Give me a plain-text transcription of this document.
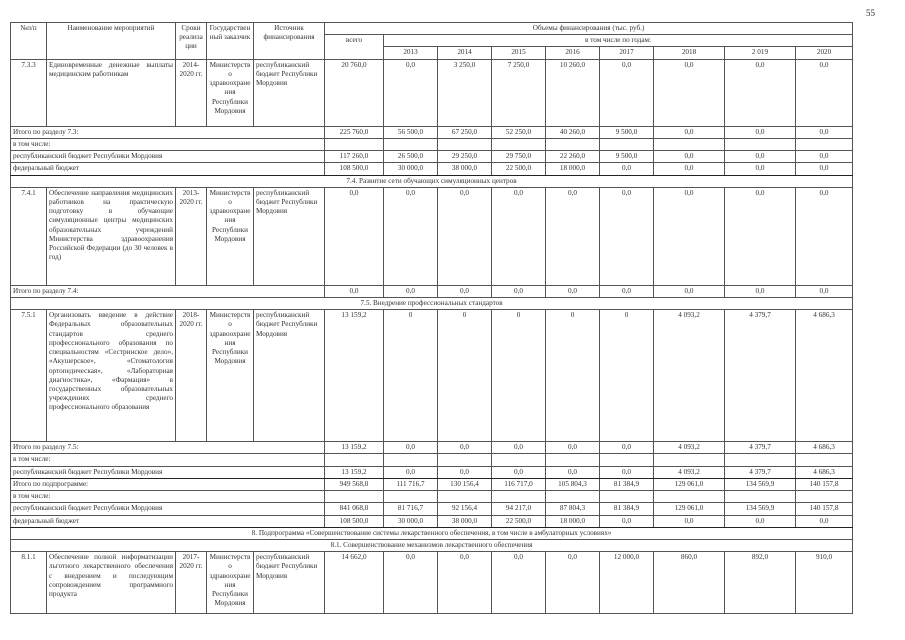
55
№п/п	Наименование мероприятий	Сроки реализации	Государственный заказчик	Источник финансирования	Объемы финансирования (тыс. руб.)								
					всего	в том числе по годам:							
						2013	2014	2015	2016	2017	2018	2 019	2020
7.3.3	Единовременные денежные выплаты медицинским работникам	2014-2020 гг.	Министерство здравоохранения Республики Мордовия	республиканский бюджет Республики Мордовия	20 760,0	0,0	3 250,0	7 250,0	10 260,0	0,0	0,0	0,0	0,0
Итого по разделу 7.3:					225 760,0	56 500,0	67 250,0	52 250,0	40 260,0	9 500,0	0,0	0,0	0,0
в том числе:													
республиканский бюджет Республики Мордовия					117 260,0	26 500,0	29 250,0	29 750,0	22 260,0	9 500,0	0,0	0,0	0,0
федеральный бюджет					108 500,0	30 000,0	38 000,0	22 500,0	18 000,0	0,0	0,0	0,0	0,0
7.4. Развитие сети обучающих симуляционных центров													
7.4.1	Обеспечение направления медицинских работников на практическую подготовку в обучающие симуляционные центры медицинских образовательных учреждений Министерства здравоохранения Российской Федерации (до 30 человек в год)	2013-2020 гг.	Министерство здравоохранения Республики Мордовия	республиканский бюджет Республики Мордовия	0,0	0,0	0,0	0,0	0,0	0,0	0,0	0,0	0,0
Итого по разделу 7.4:					0,0	0,0	0,0	0,0	0,0	0,0	0,0	0,0	0,0
7.5. Внедрение профессиональных стандартов													
7.5.1	Организовать введение в действие Федеральных образовательных стандартов среднего профессионального образования по специальностям «Сестринское дело», «Акушерское», «Стоматология ортопедическая», «Лабораторная диагностика», «Фармация» в государственных образовательных учреждениях среднего профессионального образования	2018-2020 гг.	Министерство здравоохранения Республики Мордовия	республиканский бюджет Республики Мордовия	13 159,2	0	0	0	0	0	4 093,2	4 379,7	4 686,3
Итого по разделу 7.5:					13 159,2	0,0	0,0	0,0	0,0	0,0	4 093,2	4 379,7	4 686,3
в том числе:													
республиканский бюджет Республики Мордовия					13 159,2	0,0	0,0	0,0	0,0	0,0	4 093,2	4 379,7	4 686,3
Итого по подпрограмме:					949 568,0	111 716,7	130 156,4	116 717,0	105 804,3	81 384,9	129 061,0	134 569,9	140 157,8
в том числе:													
республиканский бюджет Республики Мордовия					841 068,0	81 716,7	92 156,4	94 217,0	87 804,3	81 384,9	129 061,0	134 569,9	140 157,8
федеральный бюджет					108 500,0	30 000,0	38 000,0	22 500,0	18 000,0	0,0	0,0	0,0	0,0
8. Подпрограмма «Совершенствование системы лекарственного обеспечения, в том числе в амбулаторных условиях»													
8.1. Совершенствование механизмов лекарственного обеспечения													
8.1.1	Обеспечение полной информатизации льготного лекарственного обеспечения с внедрением и последующим сопровождением программного продукта	2017-2020 гг.	Министерство здравоохранения Республики Мордовия	республиканский бюджет Республики Мордовия	14 662,0	0,0	0,0	0,0	0,0	12 000,0	860,0	892,0	910,0
